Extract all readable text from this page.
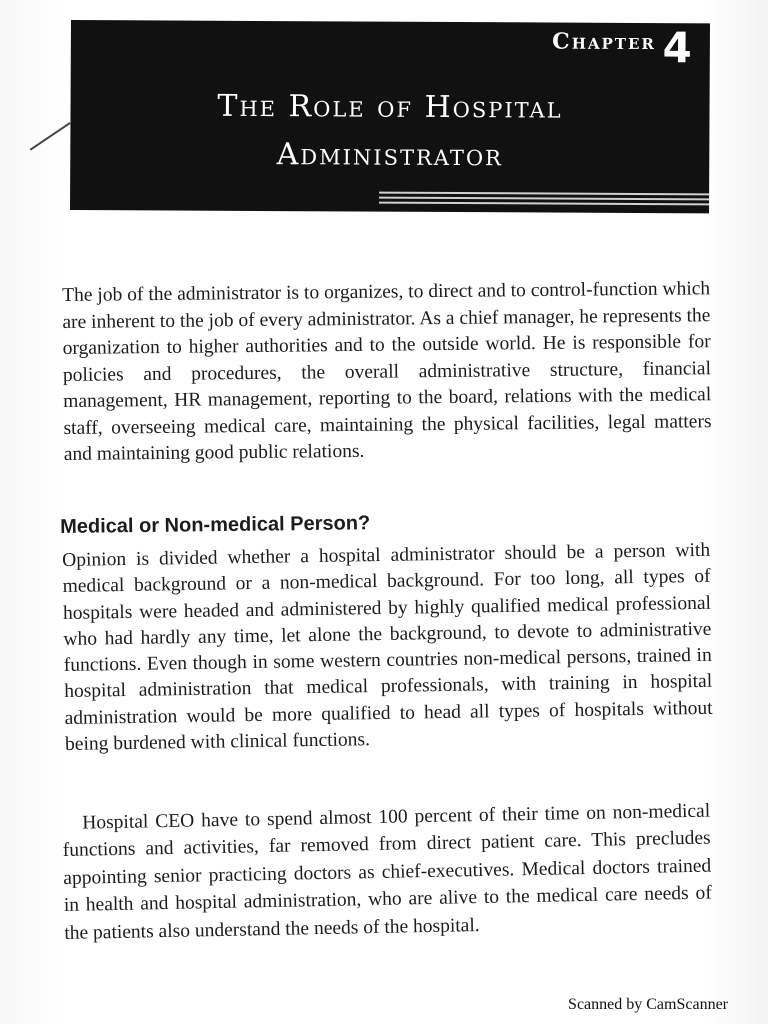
Chapter 4
The Role of Hospital
Administrator

The job of the administrator is to organizes, to direct and to control-function which are inherent to the job of every administrator. As a chief manager, he represents the organization to higher authorities and to the outside world. He is responsible for policies and procedures, the overall administrative structure, financial management, HR management, reporting to the board, relations with the medical staff, overseeing medical care, maintaining the physical facilities, legal matters and maintaining good public relations.

Medical or Non-medical Person?

Opinion is divided whether a hospital administrator should be a person with medical background or a non-medical background. For too long, all types of hospitals were headed and administered by highly qualified medical professional who had hardly any time, let alone the background, to devote to administrative functions. Even though in some western countries non-medical persons, trained in hospital administration that medical professionals, with training in hospital administration would be more qualified to head all types of hospitals without being burdened with clinical functions.

Hospital CEO have to spend almost 100 percent of their time on non-medical functions and activities, far removed from direct patient care. This precludes appointing senior practicing doctors as chief-executives. Medical doctors trained in health and hospital administration, who are alive to the medical care needs of the patients also understand the needs of the hospital.

Scanned by CamScanner
